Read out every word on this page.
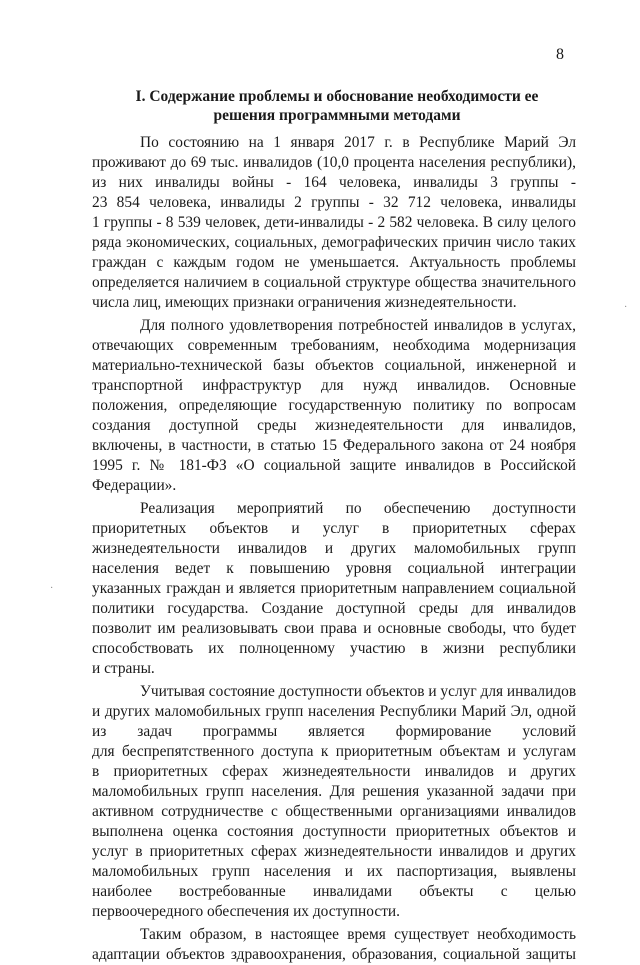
8
I. Содержание проблемы и обоснование необходимости ее
решения программными методами
По состоянию на 1 января 2017 г. в Республике Марий Эл
проживают до 69 тыс. инвалидов (10,0 процента населения республики),
из них инвалиды войны - 164 человека, инвалиды 3 группы -
23 854 человека, инвалиды 2 группы - 32 712 человека, инвалиды
1 группы - 8 539 человек, дети-инвалиды - 2 582 человека. В силу целого
ряда экономических, социальных, демографических причин число таких
граждан с каждым годом не уменьшается. Актуальность проблемы
определяется наличием в социальной структуре общества значительного
числа лиц, имеющих признаки ограничения жизнедеятельности.
Для полного удовлетворения потребностей инвалидов в услугах,
отвечающих современным требованиям, необходима модернизация
материально-технической базы объектов социальной, инженерной и
транспортной инфраструктур для нужд инвалидов. Основные
положения, определяющие государственную политику по вопросам
создания доступной среды жизнедеятельности для инвалидов,
включены, в частности, в статью 15 Федерального закона от 24 ноября
1995 г. № 181-ФЗ «О социальной защите инвалидов в Российской
Федерации».
Реализация мероприятий по обеспечению доступности
приоритетных объектов и услуг в приоритетных сферах
жизнедеятельности инвалидов и других маломобильных групп
населения ведет к повышению уровня социальной интеграции
указанных граждан и является приоритетным направлением социальной
политики государства. Создание доступной среды для инвалидов
позволит им реализовывать свои права и основные свободы, что будет
способствовать их полноценному участию в жизни республики
и страны.
Учитывая состояние доступности объектов и услуг для инвалидов
и других маломобильных групп населения Республики Марий Эл, одной
из задач программы является формирование условий
для беспрепятственного доступа к приоритетным объектам и услугам
в приоритетных сферах жизнедеятельности инвалидов и других
маломобильных групп населения. Для решения указанной задачи при
активном сотрудничестве с общественными организациями инвалидов
выполнена оценка состояния доступности приоритетных объектов и
услуг в приоритетных сферах жизнедеятельности инвалидов и других
маломобильных групп населения и их паспортизация, выявлены
наиболее востребованные инвалидами объекты с целью
первоочередного обеспечения их доступности.
Таким образом, в настоящее время существует необходимость
адаптации объектов здравоохранения, образования, социальной защиты
·
·
